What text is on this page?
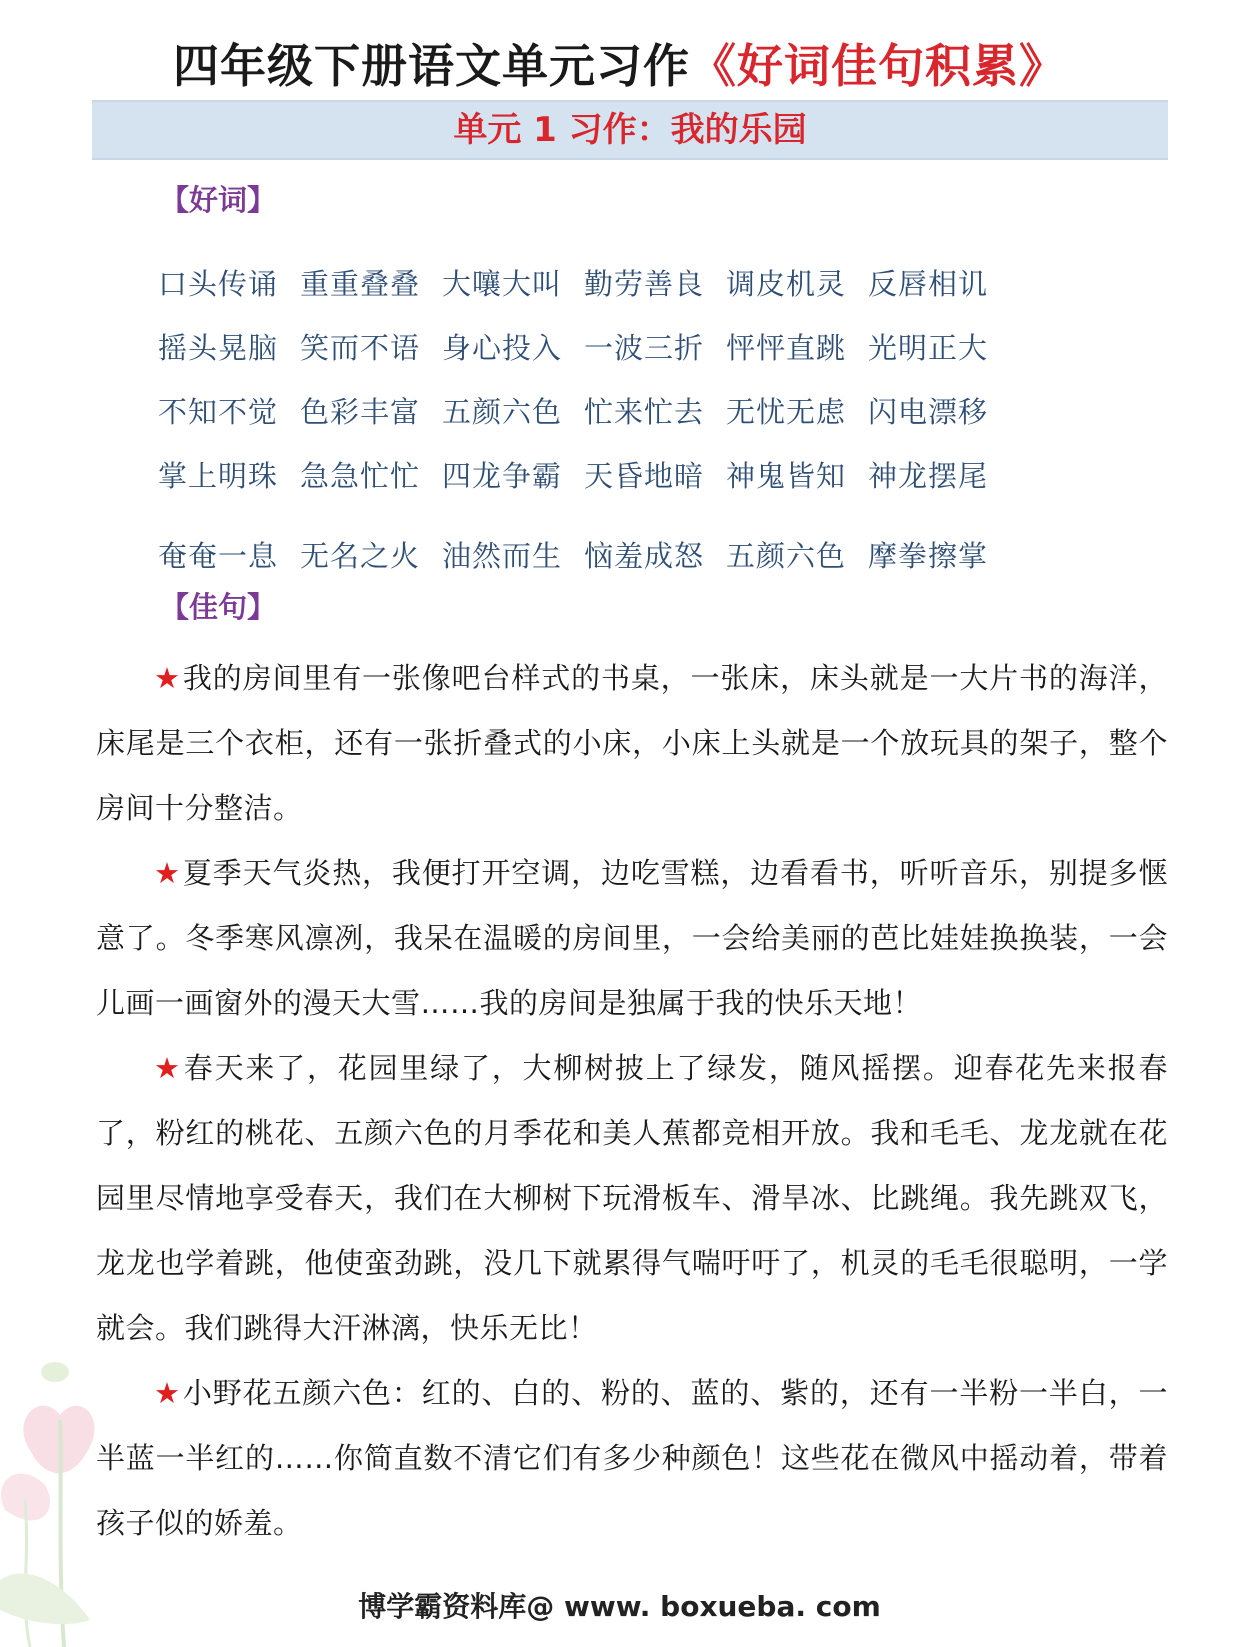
四年级下册语文单元习作《好词佳句积累》
单元 1 习作：我的乐园
【好词】
口头传诵 重重叠叠 大嚷大叫 勤劳善良 调皮机灵 反唇相讥
摇头晃脑 笑而不语 身心投入 一波三折 怦怦直跳 光明正大
不知不觉 色彩丰富 五颜六色 忙来忙去 无忧无虑 闪电漂移
掌上明珠 急急忙忙 四龙争霸 天昏地暗 神鬼皆知 神龙摆尾
奄奄一息 无名之火 油然而生 恼羞成怒 五颜六色 摩拳擦掌
【佳句】

★我的房间里有一张像吧台样式的书桌，一张床，床头就是一大片书的海洋，床尾是三个衣柜，还有一张折叠式的小床，小床上头就是一个放玩具的架子，整个房间十分整洁。

★夏季天气炎热，我便打开空调，边吃雪糕，边看看书，听听音乐，别提多惬意了。冬季寒风凛冽，我呆在温暖的房间里，一会给美丽的芭比娃娃换换装，一会儿画一画窗外的漫天大雪……我的房间是独属于我的快乐天地！

★春天来了，花园里绿了，大柳树披上了绿发，随风摇摆。迎春花先来报春了，粉红的桃花、五颜六色的月季花和美人蕉都竞相开放。我和毛毛、龙龙就在花园里尽情地享受春天，我们在大柳树下玩滑板车、滑旱冰、比跳绳。我先跳双飞，龙龙也学着跳，他使蛮劲跳，没几下就累得气喘吁吁了，机灵的毛毛很聪明，一学就会。我们跳得大汗淋漓，快乐无比！

★小野花五颜六色：红的、白的、粉的、蓝的、紫的，还有一半粉一半白，一半蓝一半红的……你简直数不清它们有多少种颜色！这些花在微风中摇动着，带着孩子似的娇羞。

博学霸资料库@ www. boxueba. com
